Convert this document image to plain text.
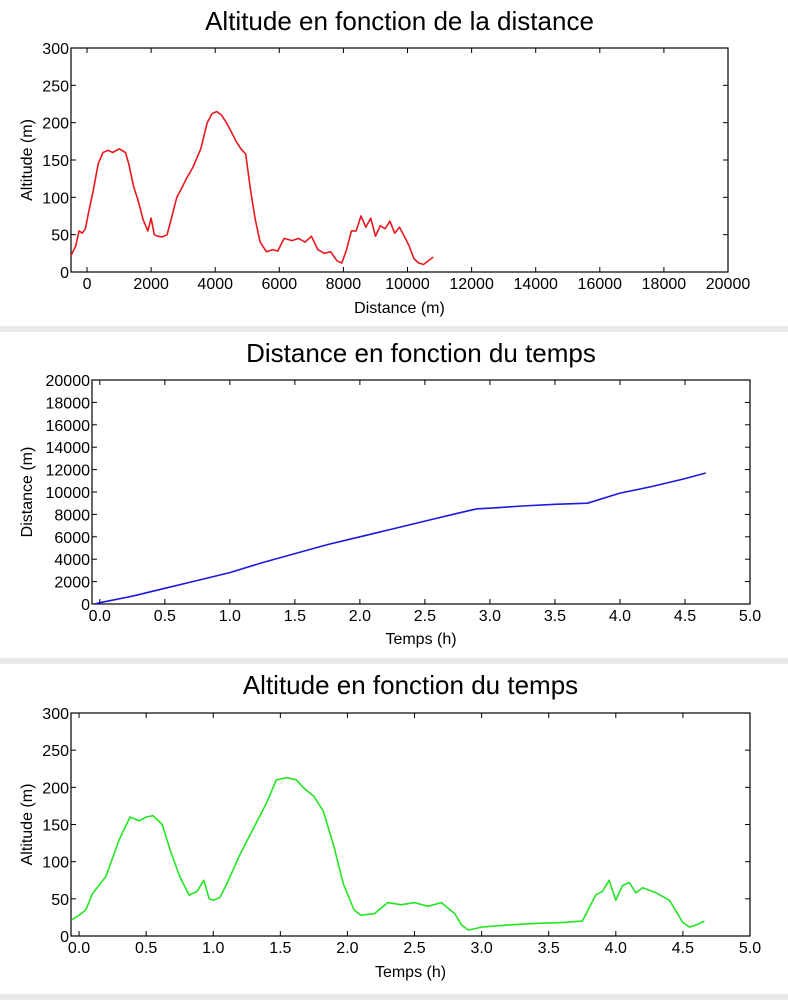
Altitude en fonction de la distance
0	2000 4000 6000 8000 10000 12000 14000 16000 18000 20000
0
50
100
150
200
250
300
Distance (m)
Altitude (m)
Distance en fonction du temps
0.0	0.5	1.0	1.5	2.0	2.5	3.0	3.5	4.0	4.5	5.0
0
2000
4000
6000
8000
10000
12000
14000
16000
18000
20000
Temps (h)
Distance (m)
Altitude en fonction du temps
0.0	0.5	1.0	1.5	2.0	2.5	3.0	3.5	4.0	4.5	5.0
0
50
100
150
200
250
300
Temps (h)
Altitude (m)
